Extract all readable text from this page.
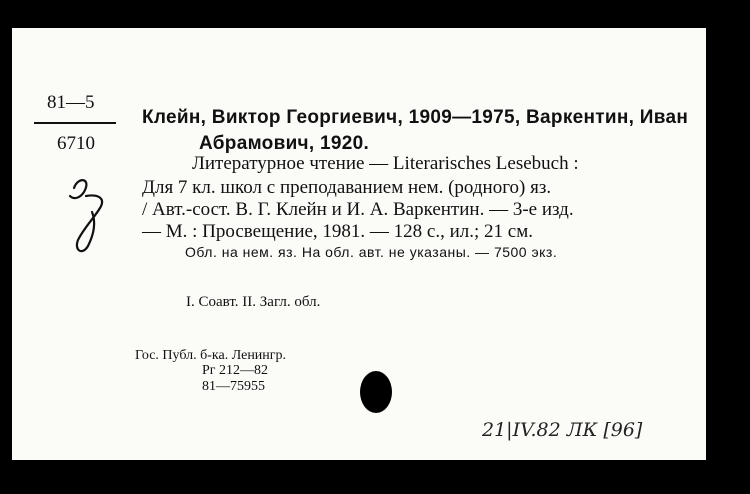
81—5
6710
Клейн, Виктор Георгиевич, 1909—1975, Варкентин, Иван
Абрамович, 1920.
Литературное чтение — Literarisches Lesebuch :
Для 7 кл. школ с преподаванием нем. (родного) яз.
/ Авт.-сост. В. Г. Клейн и И. А. Варкентин. — 3-е изд.
— М. : Просвещение, 1981. — 128 с., ил.; 21 см.
Обл. на нем. яз. На обл. авт. не указаны. — 7500 экз.
I. Соавт. II. Загл. обл.
Гос. Публ. б-ка. Ленингр.
Рг 212—82
81—75955
21|IV.82 ЛК [96]
